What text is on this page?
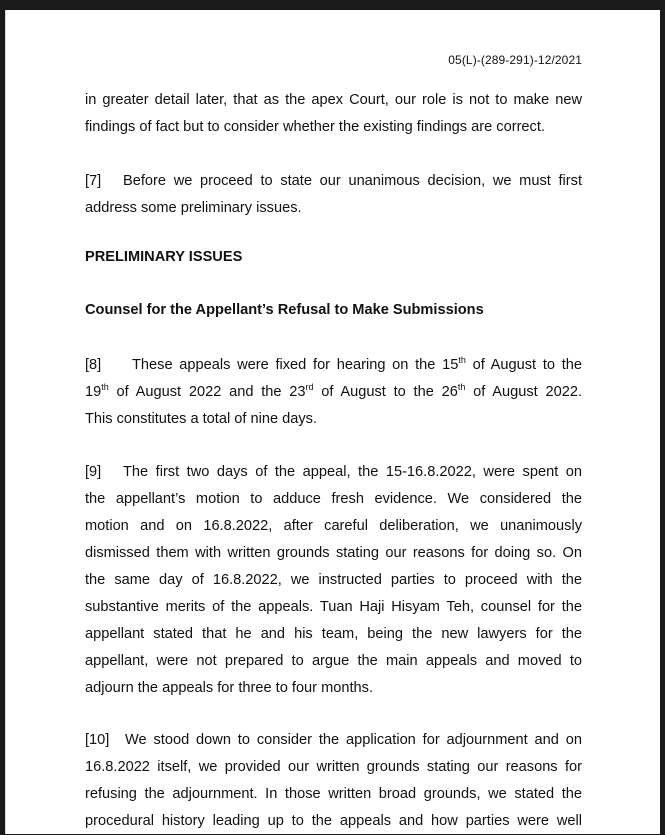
05(L)-(289-291)-12/2021
in greater detail later, that as the apex Court, our role is not to make new
findings of fact but to consider whether the existing findings are correct.
[7] Before we proceed to state our unanimous decision, we must first
address some preliminary issues.
PRELIMINARY ISSUES
Counsel for the Appellant’s Refusal to Make Submissions
[8] These appeals were fixed for hearing on the 15th of August to the
19th of August 2022 and the 23rd of August to the 26th of August 2022.
This constitutes a total of nine days.
[9] The first two days of the appeal, the 15-16.8.2022, were spent on
the appellant’s motion to adduce fresh evidence. We considered the
motion and on 16.8.2022, after careful deliberation, we unanimously
dismissed them with written grounds stating our reasons for doing so. On
the same day of 16.8.2022, we instructed parties to proceed with the
substantive merits of the appeals. Tuan Haji Hisyam Teh, counsel for the
appellant stated that he and his team, being the new lawyers for the
appellant, were not prepared to argue the main appeals and moved to
adjourn the appeals for three to four months.
[10] We stood down to consider the application for adjournment and on
16.8.2022 itself, we provided our written grounds stating our reasons for
refusing the adjournment. In those written broad grounds, we stated the
procedural history leading up to the appeals and how parties were well
